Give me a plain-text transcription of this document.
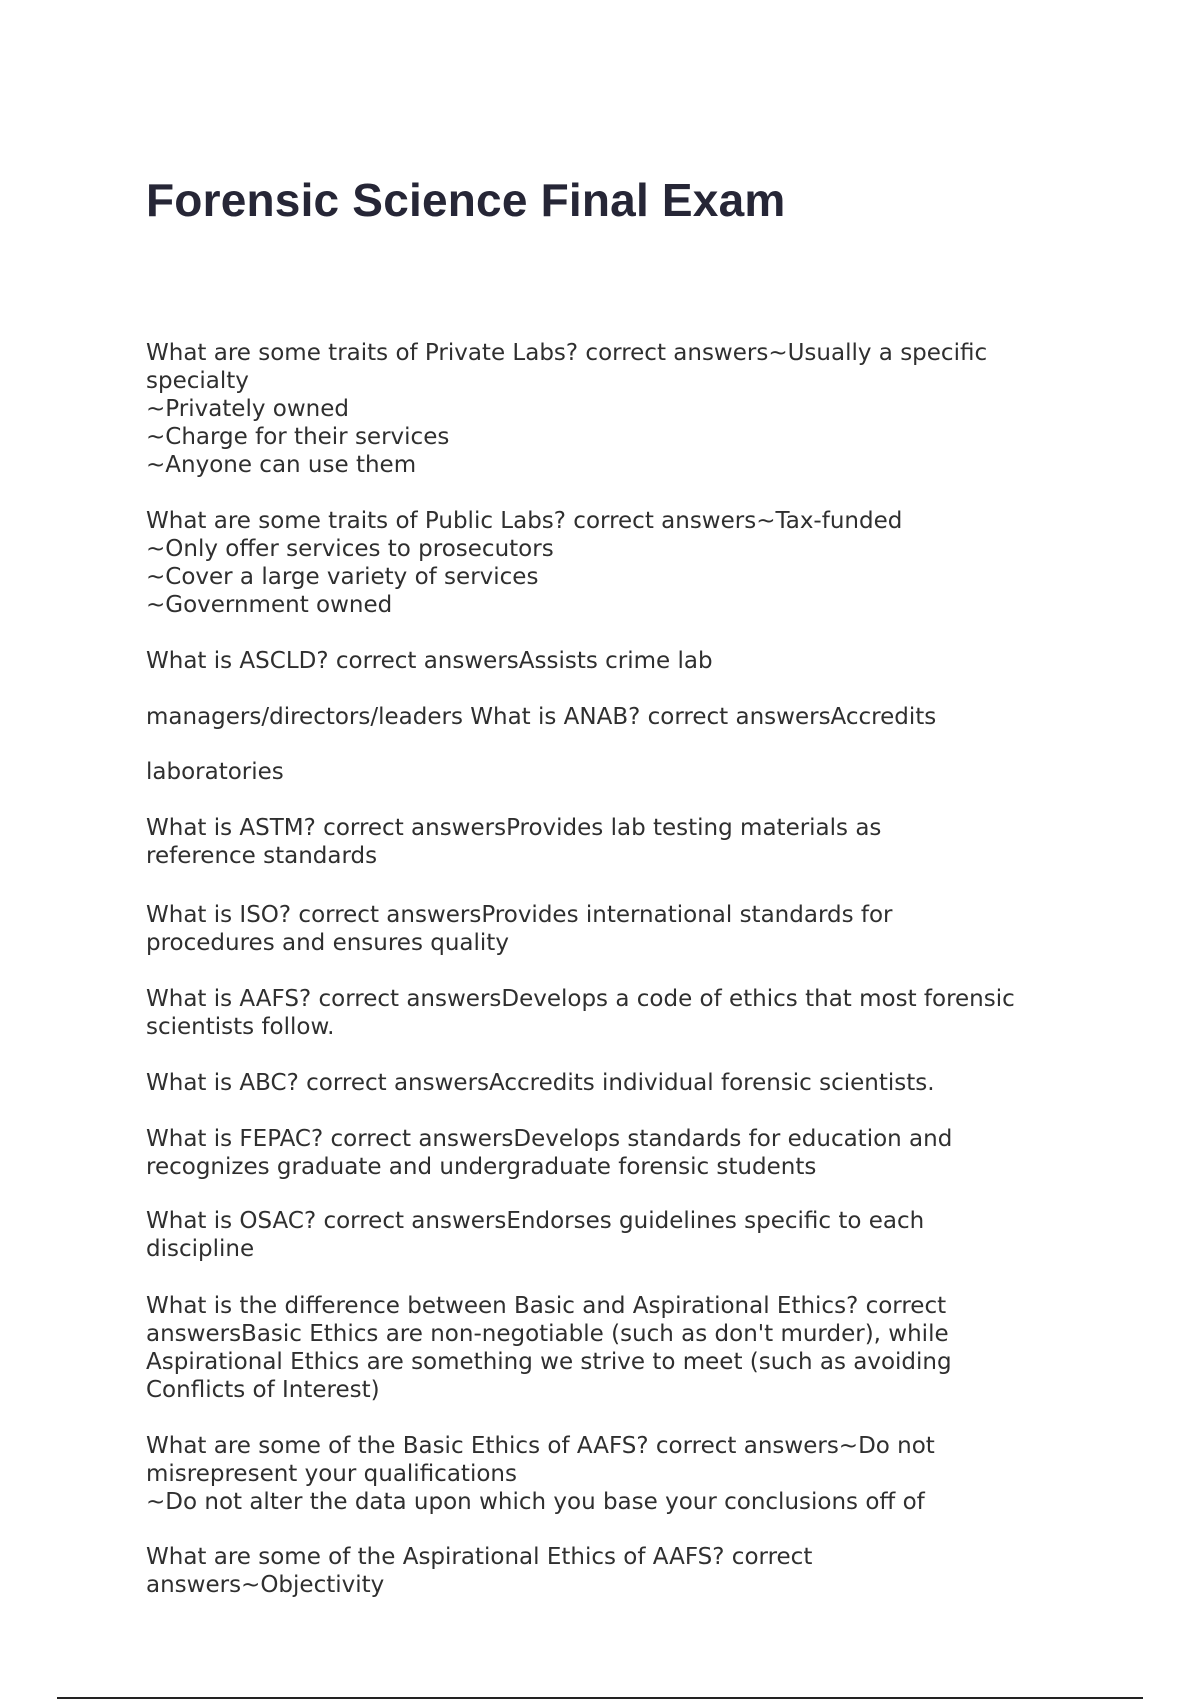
Forensic Science Final Exam

What are some traits of Private Labs? correct answers~Usually a specific
specialty
~Privately owned
~Charge for their services
~Anyone can use them

What are some traits of Public Labs? correct answers~Tax-funded
~Only offer services to prosecutors
~Cover a large variety of services
~Government owned

What is ASCLD? correct answersAssists crime lab

managers/directors/leaders What is ANAB? correct answersAccredits

laboratories

What is ASTM? correct answersProvides lab testing materials as
reference standards

What is ISO? correct answersProvides international standards for
procedures and ensures quality

What is AAFS? correct answersDevelops a code of ethics that most forensic
scientists follow.

What is ABC? correct answersAccredits individual forensic scientists.

What is FEPAC? correct answersDevelops standards for education and
recognizes graduate and undergraduate forensic students

What is OSAC? correct answersEndorses guidelines specific to each
discipline

What is the difference between Basic and Aspirational Ethics? correct
answersBasic Ethics are non-negotiable (such as don't murder), while
Aspirational Ethics are something we strive to meet (such as avoiding
Conflicts of Interest)

What are some of the Basic Ethics of AAFS? correct answers~Do not
misrepresent your qualifications
~Do not alter the data upon which you base your conclusions off of

What are some of the Aspirational Ethics of AAFS? correct
answers~Objectivity
